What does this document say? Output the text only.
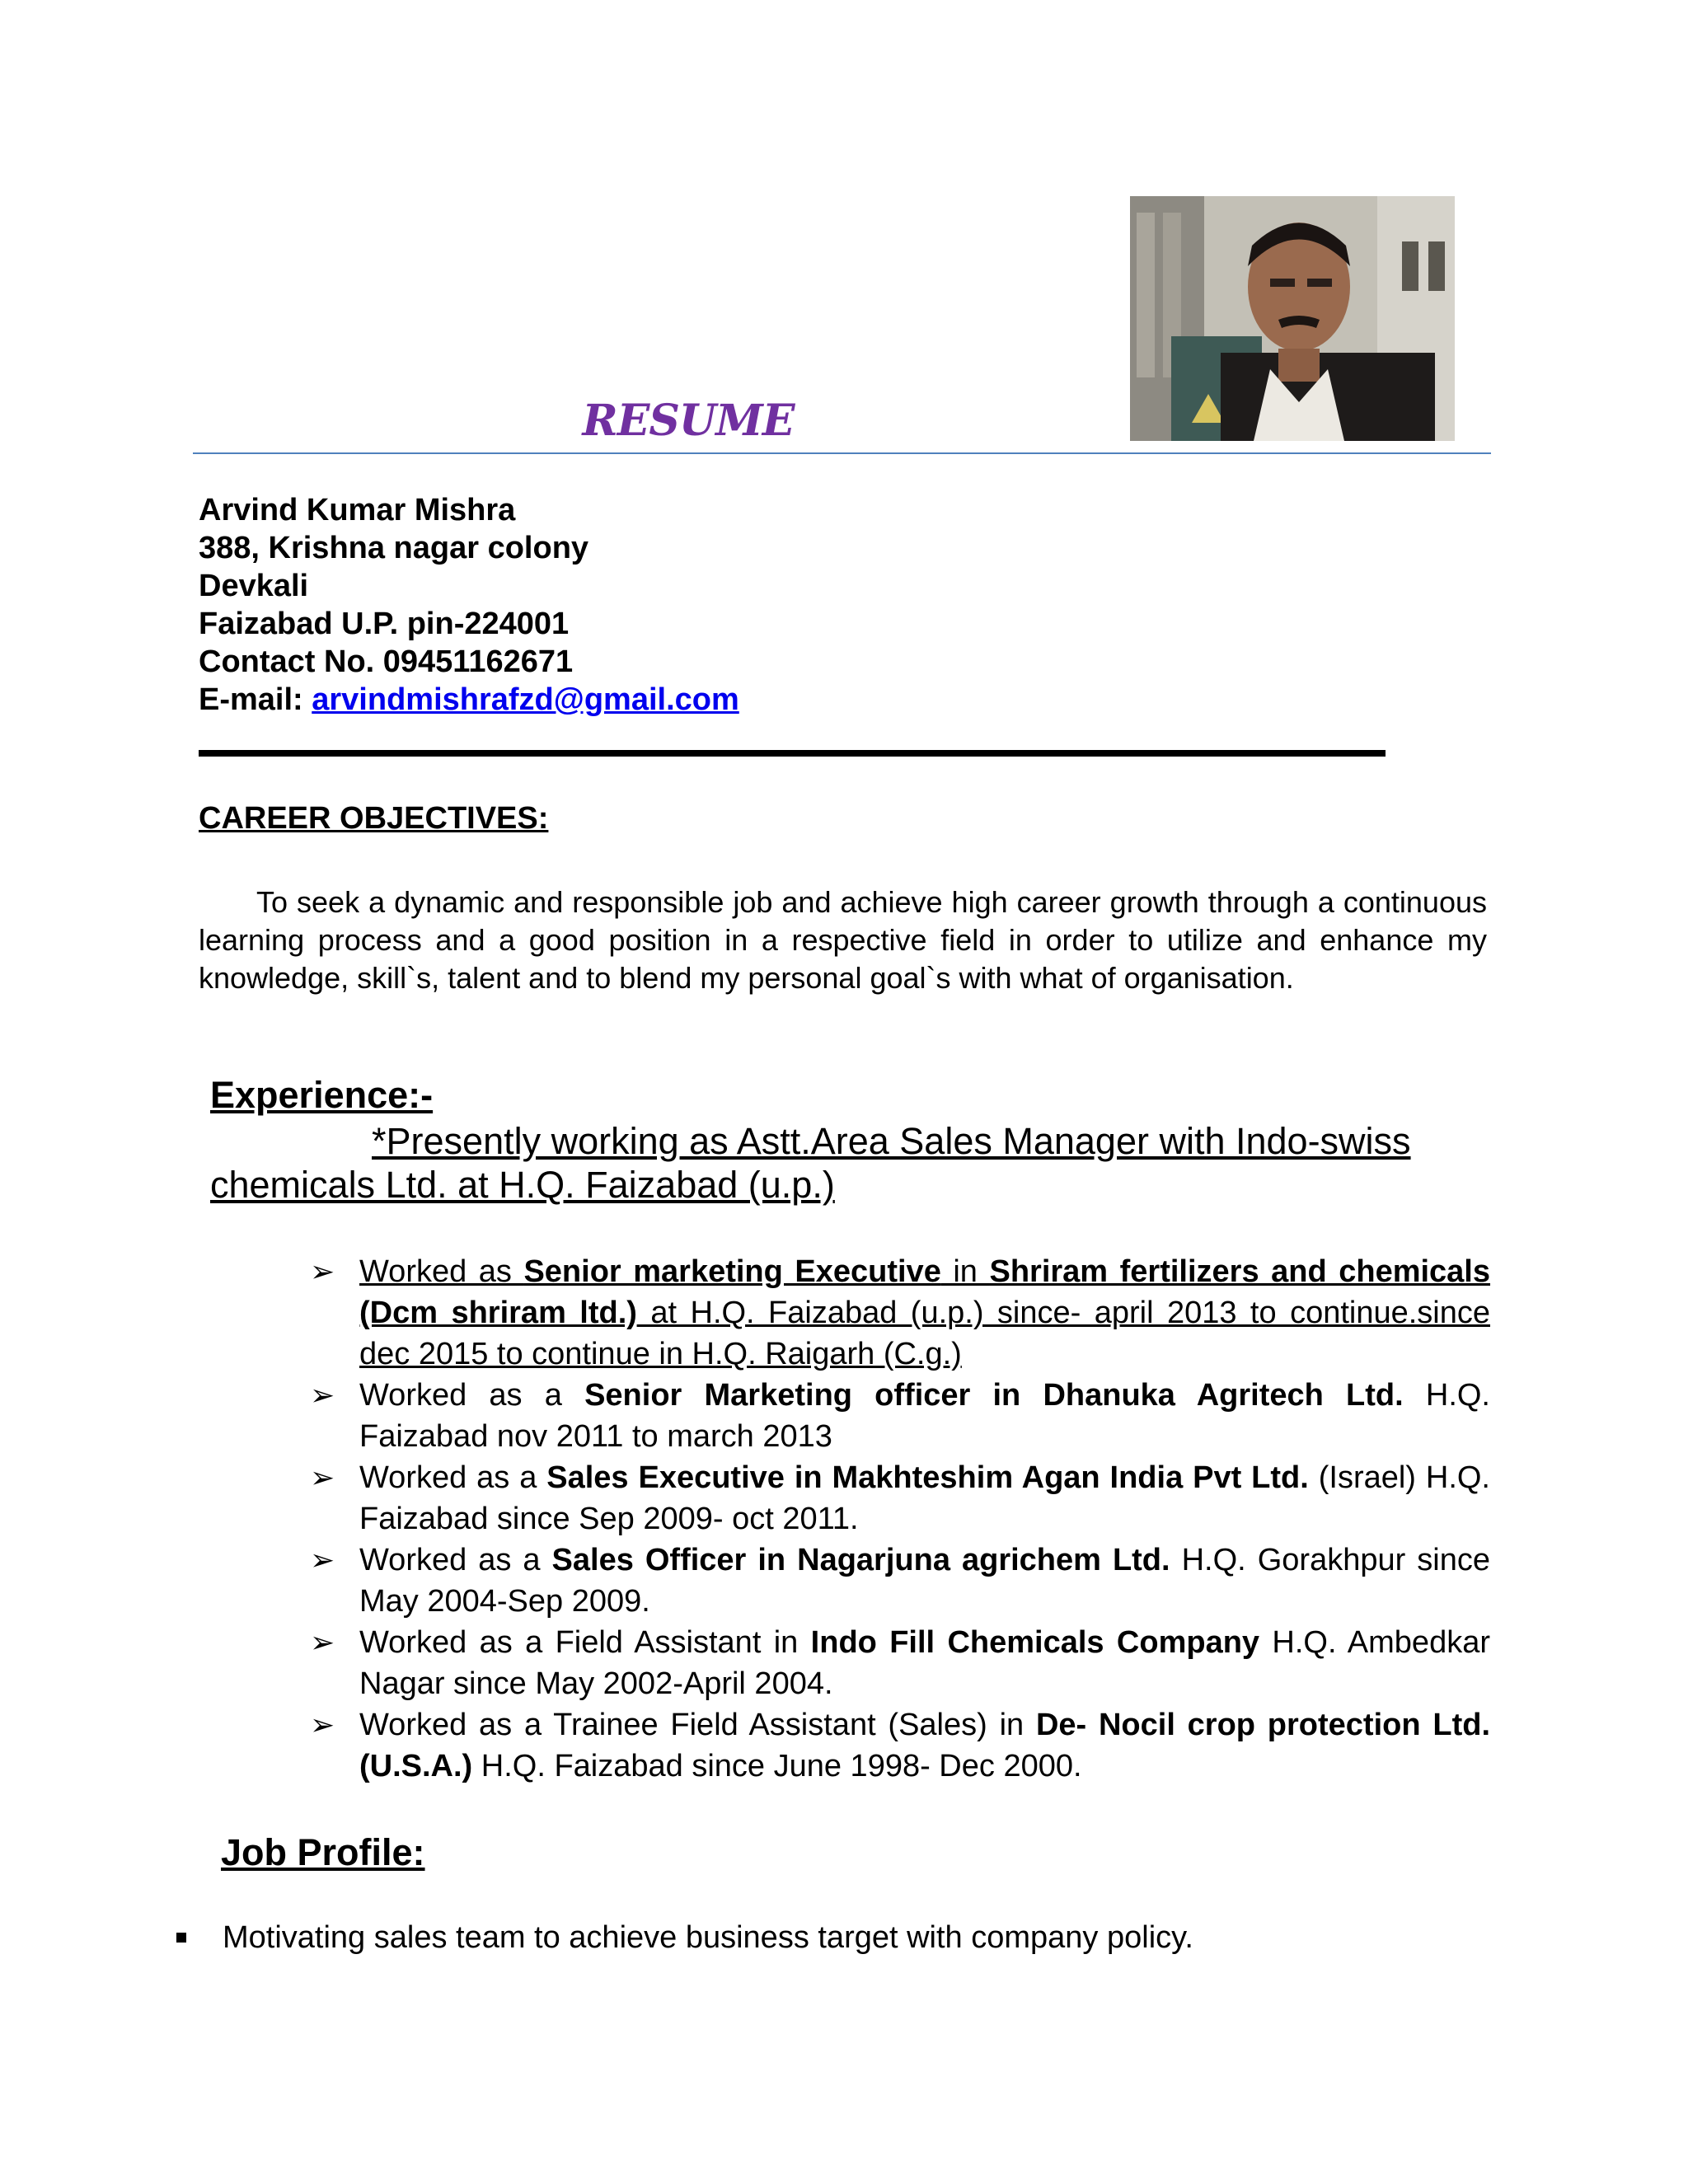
RESUME
Arvind Kumar Mishra
388, Krishna nagar colony
Devkali
Faizabad U.P. pin-224001
Contact No. 09451162671
E-mail: arvindmishrafzd@gmail.com
CAREER OBJECTIVES:
To seek a dynamic and responsible job and achieve high career growth through a continuous learning process and a good position in a respective field in order to utilize and enhance my knowledge, skill`s, talent and to blend my personal goal`s with what of organisation.
Experience:-
*Presently working as Astt.Area Sales Manager with Indo-swiss chemicals Ltd. at H.Q. Faizabad (u.p.)
➢ Worked as Senior marketing Executive in Shriram fertilizers and chemicals (Dcm shriram ltd.) at H.Q. Faizabad (u.p.) since- april 2013 to continue.since dec 2015 to continue in H.Q. Raigarh (C.g.)
➢ Worked as a Senior Marketing officer in Dhanuka Agritech Ltd. H.Q. Faizabad nov 2011 to march 2013
➢ Worked as a Sales Executive in Makhteshim Agan India Pvt Ltd. (Israel) H.Q. Faizabad since Sep 2009- oct 2011.
➢ Worked as a Sales Officer in Nagarjuna agrichem Ltd. H.Q. Gorakhpur since May 2004-Sep 2009.
➢ Worked as a Field Assistant in Indo Fill Chemicals Company H.Q. Ambedkar Nagar since May 2002-April 2004.
➢ Worked as a Trainee Field Assistant (Sales) in De- Nocil crop protection Ltd. (U.S.A.) H.Q. Faizabad since June 1998- Dec 2000.
Job Profile:
Motivating sales team to achieve business target with company policy.
